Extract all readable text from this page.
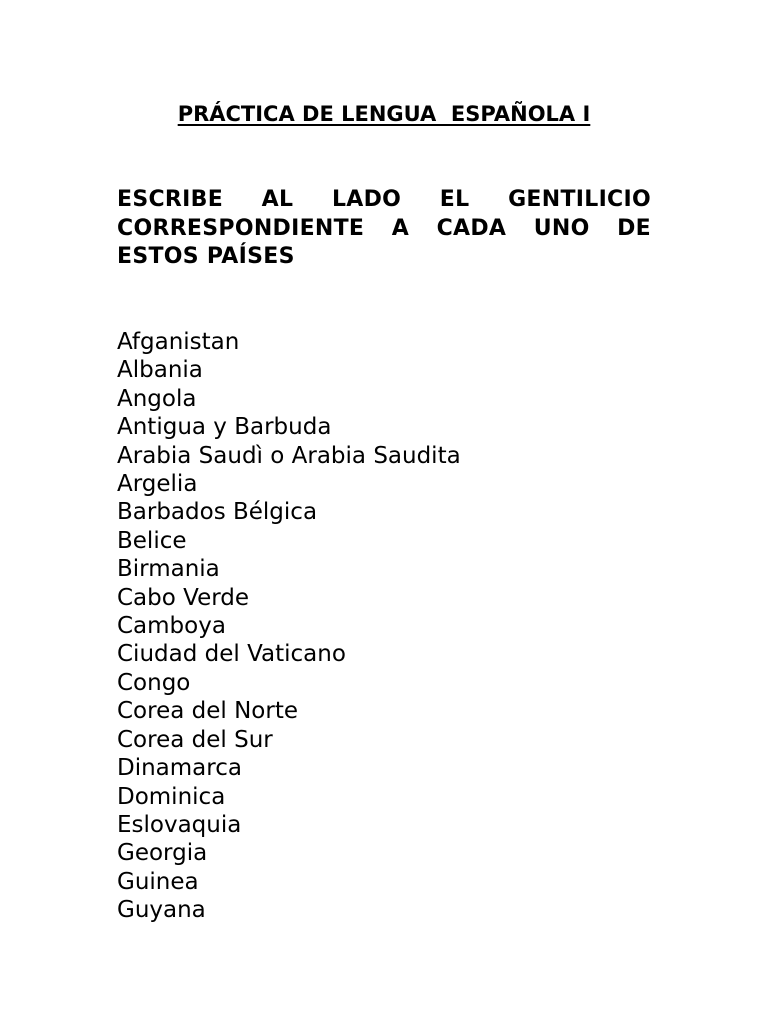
PRÁCTICA DE LENGUA  ESPAÑOLA I

ESCRIBE AL LADO EL GENTILICIO CORRESPONDIENTE A CADA UNO DE ESTOS PAÍSES

Afganistan
Albania
Angola
Antigua y Barbuda
Arabia Saudì o Arabia Saudita
Argelia
Barbados Bélgica
Belice
Birmania
Cabo Verde
Camboya
Ciudad del Vaticano
Congo
Corea del Norte
Corea del Sur
Dinamarca
Dominica
Eslovaquia
Georgia
Guinea
Guyana
